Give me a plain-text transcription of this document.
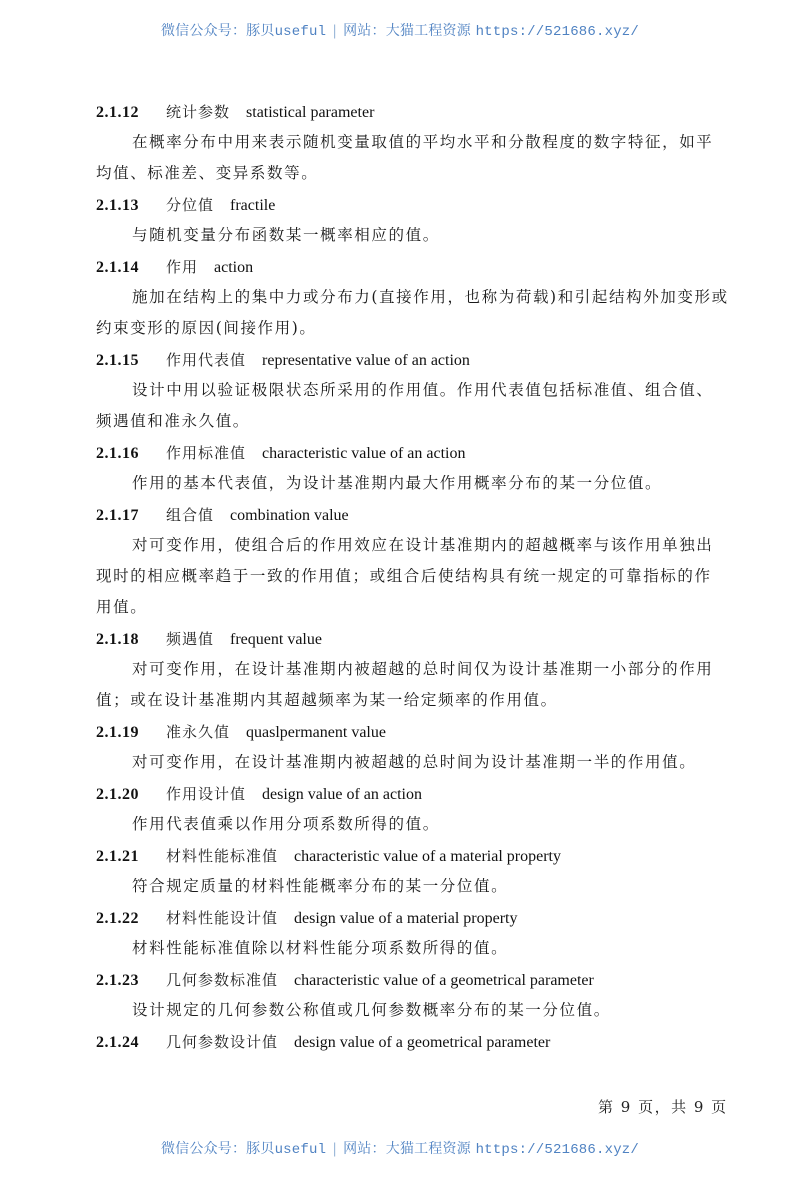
微信公众号：豚贝useful | 网站：大猫工程资源 https://521686.xyz/
2.1.12 统计参数 statistical parameter
在概率分布中用来表示随机变量取值的平均水平和分散程度的数字特征，如平
均值、标准差、变异系数等。
2.1.13 分位值 fractile
与随机变量分布函数某一概率相应的值。
2.1.14 作用 action
施加在结构上的集中力或分布力(直接作用，也称为荷载)和引起结构外加变形或
约束变形的原因(间接作用)。
2.1.15 作用代表值 representative value of an action
设计中用以验证极限状态所采用的作用值。作用代表值包括标准值、组合值、
频遇值和准永久值。
2.1.16 作用标准值 characteristic value of an action
作用的基本代表值，为设计基准期内最大作用概率分布的某一分位值。
2.1.17 组合值 combination value
对可变作用，使组合后的作用效应在设计基准期内的超越概率与该作用单独出
现时的相应概率趋于一致的作用值；或组合后使结构具有统一规定的可靠指标的作
用值。
2.1.18 频遇值 frequent value
对可变作用，在设计基准期内被超越的总时间仅为设计基准期一小部分的作用
值；或在设计基准期内其超越频率为某一给定频率的作用值。
2.1.19 准永久值 quaslpermanent value
对可变作用，在设计基准期内被超越的总时间为设计基准期一半的作用值。
2.1.20 作用设计值 design value of an action
作用代表值乘以作用分项系数所得的值。
2.1.21 材料性能标准值 characteristic value of a material property
符合规定质量的材料性能概率分布的某一分位值。
2.1.22 材料性能设计值 design value of a material property
材料性能标准值除以材料性能分项系数所得的值。
2.1.23 几何参数标准值 characteristic value of a geometrical parameter
设计规定的几何参数公称值或几何参数概率分布的某一分位值。
2.1.24 几何参数设计值 design value of a geometrical parameter
第 9 页，共 9 页
微信公众号：豚贝useful | 网站：大猫工程资源 https://521686.xyz/
